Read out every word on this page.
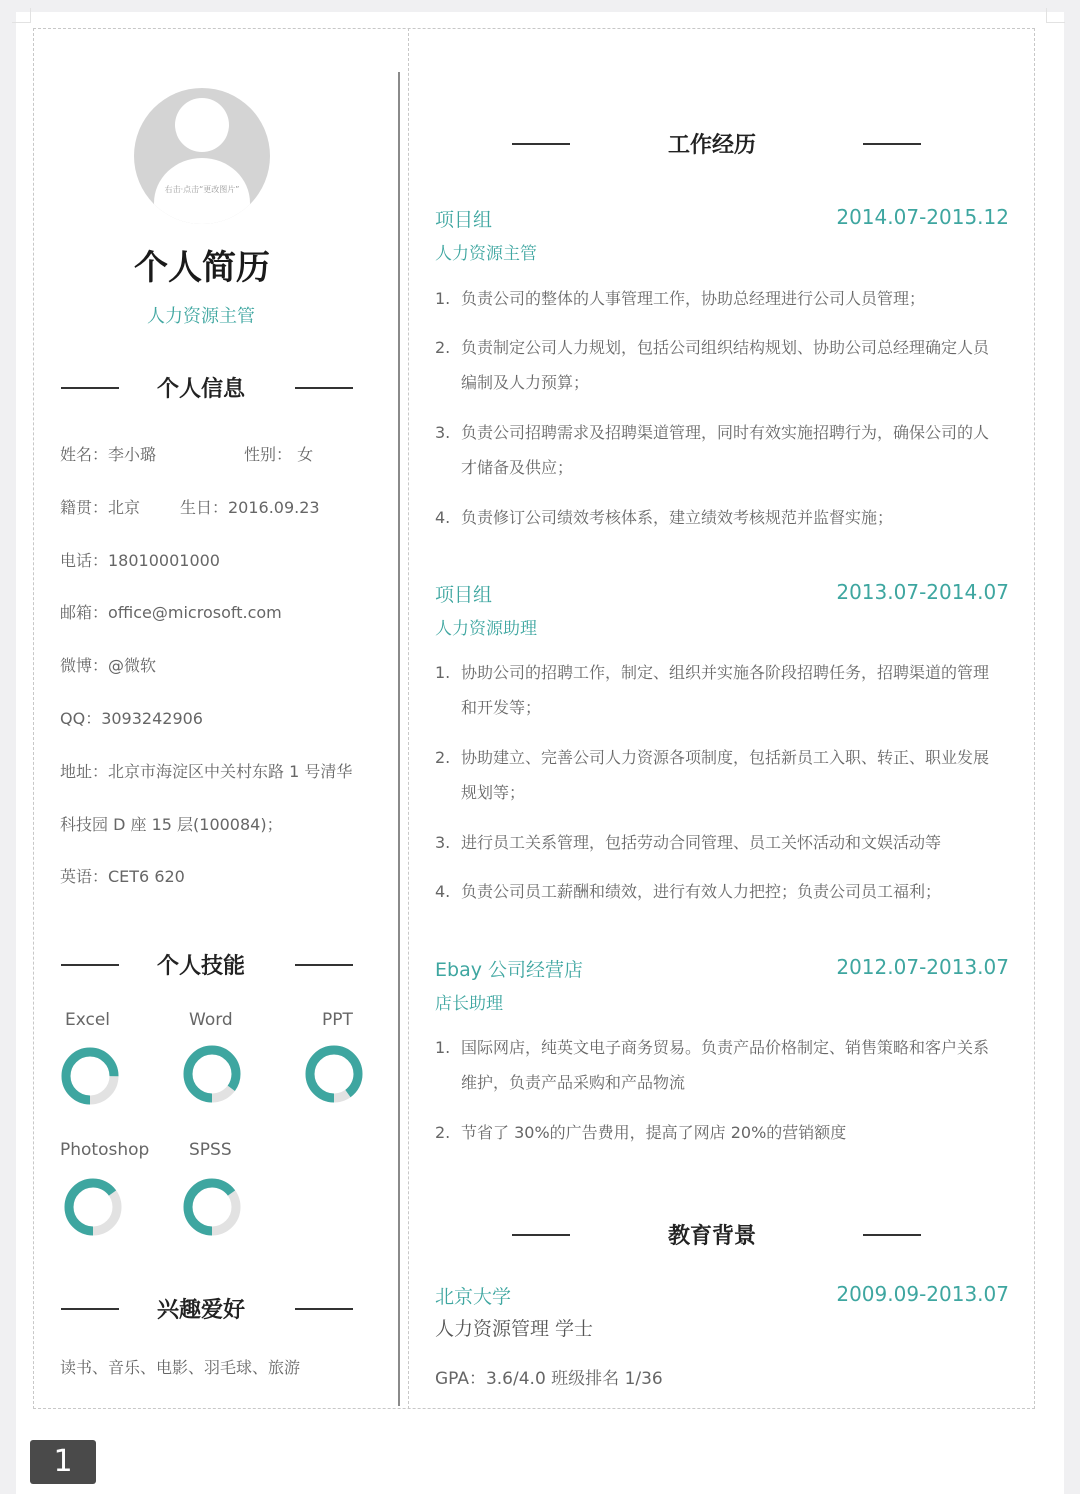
右击·点击“更改图片”
个人简历
人力资源主管
个人信息
姓名：李小璐	性别： 女
籍贯：北京 生日：2016.09.23
电话：18010001000
邮箱：office@microsoft.com
微博：@微软
QQ：3093242906
地址：北京市海淀区中关村东路 1 号清华
科技园 D 座 15 层(100084)；
英语：CET6 620
个人技能
Excel	Word	PPT
Photoshop SPSS
兴趣爱好
读书、音乐、电影、羽毛球、旅游
工作经历
项目组	2014.07-2015.12
人力资源主管
1. 负责公司的整体的人事管理工作，协助总经理进行公司人员管理；
2. 负责制定公司人力规划，包括公司组织结构规划、协助公司总经理确定人员编制及人力预算；
3. 负责公司招聘需求及招聘渠道管理，同时有效实施招聘行为，确保公司的人才储备及供应；
4. 负责修订公司绩效考核体系，建立绩效考核规范并监督实施；
项目组	2013.07-2014.07
人力资源助理
1. 协助公司的招聘工作，制定、组织并实施各阶段招聘任务，招聘渠道的管理和开发等；
2. 协助建立、完善公司人力资源各项制度，包括新员工入职、转正、职业发展规划等；
3. 进行员工关系管理，包括劳动合同管理、员工关怀活动和文娱活动等
4. 负责公司员工薪酬和绩效，进行有效人力把控；负责公司员工福利；
Ebay 公司经营店	2012.07-2013.07
店长助理
1. 国际网店，纯英文电子商务贸易。负责产品价格制定、销售策略和客户关系维护，负责产品采购和产品物流
2. 节省了 30%的广告费用，提高了网店 20%的营销额度
教育背景
北京大学	2009.09-2013.07
人力资源管理 学士
GPA：3.6/4.0 班级排名 1/36
1
